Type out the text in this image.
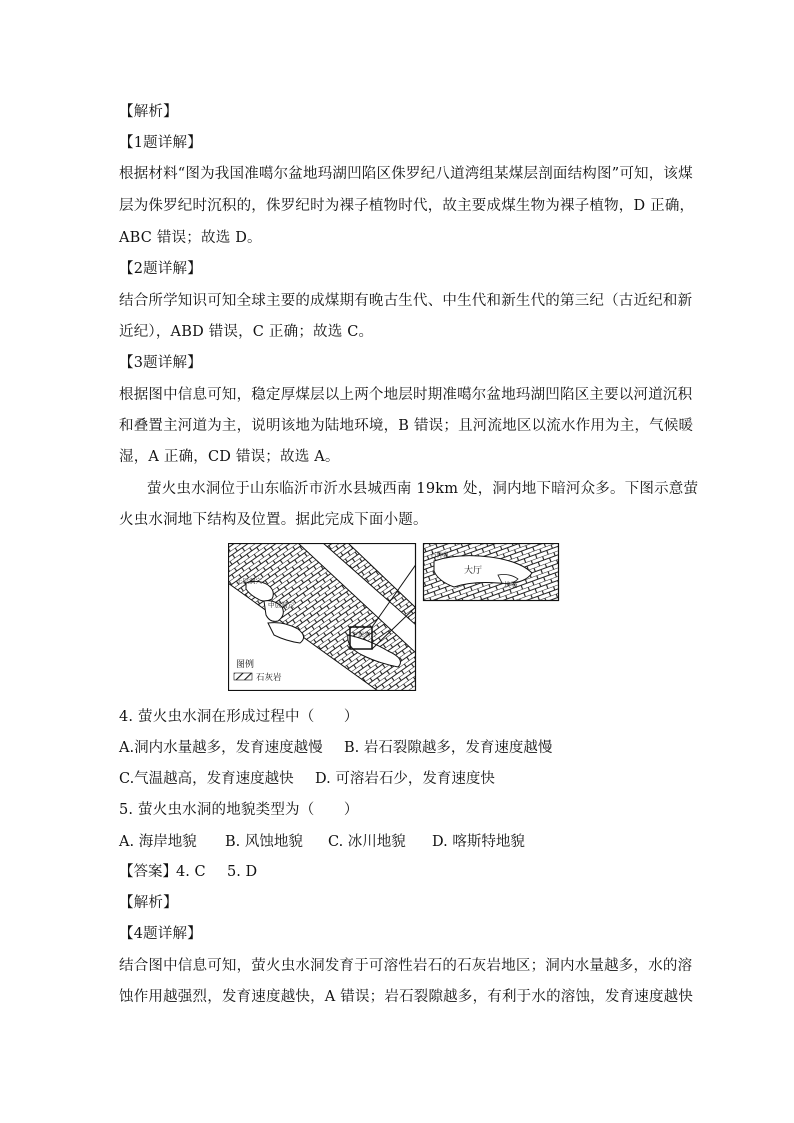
【解析】
【1题详解】
根据材料“图为我国准噶尔盆地玛湖凹陷区侏罗纪八道湾组某煤层剖面结构图”可知，该煤
层为侏罗纪时沉积的，侏罗纪时为裸子植物时代，故主要成煤生物为裸子植物，D 正确，
ABC 错误；故选 D。
【2题详解】
结合所学知识可知全球主要的成煤期有晚古生代、中生代和新生代的第三纪（古近纪和新
近纪），ABD 错误，C 正确；故选 C。
【3题详解】
根据图中信息可知，稳定厚煤层以上两个地层时期准噶尔盆地玛湖凹陷区主要以河道沉积
和叠置主河道为主，说明该地为陆地环境，B 错误；且河流地区以流水作用为主，气候暖
湿，A 正确，CD 错误；故选 A。
萤火虫水洞位于山东临沂市沂水县城西南 19km 处，洞内地下暗河众多。下图示意萤
火虫水洞地下结构及位置。据此完成下面小题。
上层洞穴
中层洞穴
下层洞穴
图例
石灰岩
石钟乳
大厅
块石
4. 萤火虫水洞在形成过程中（　　）
A.洞内水量越多，发育速度越慢 B. 岩石裂隙越多，发育速度越慢
C.气温越高，发育速度越快 D. 可溶岩石少，发育速度快
5. 萤火虫水洞的地貌类型为（　　）
A. 海岸地貌 B. 风蚀地貌 C. 冰川地貌 D. 喀斯特地貌
【答案】 4. C 5. D
【解析】
【4题详解】
结合图中信息可知，萤火虫水洞发育于可溶性岩石的石灰岩地区；洞内水量越多，水的溶
蚀作用越强烈，发育速度越快，A 错误；岩石裂隙越多，有利于水的溶蚀，发育速度越快
